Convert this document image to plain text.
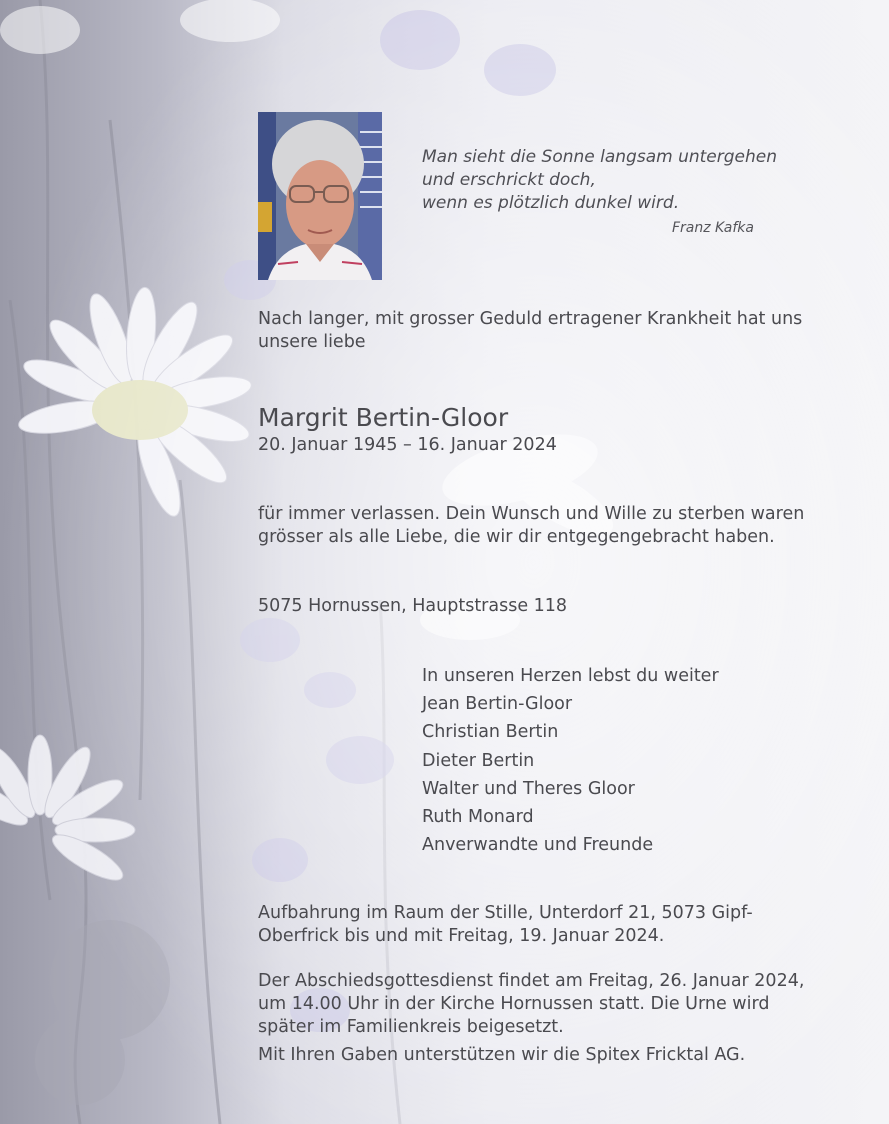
Man sieht die Sonne langsam untergehen
und erschrickt doch,
wenn es plötzlich dunkel wird.
Franz Kafka
Nach langer, mit grosser Geduld ertragener Krankheit hat uns
unsere liebe
Margrit Bertin-Gloor
20. Januar 1945 – 16. Januar 2024
für immer verlassen. Dein Wunsch und Wille zu sterben waren
grösser als alle Liebe, die wir dir entgegengebracht haben.
5075 Hornussen, Hauptstrasse 118
In unseren Herzen lebst du weiter
Jean Bertin-Gloor
Christian Bertin
Dieter Bertin
Walter und Theres Gloor
Ruth Monard
Anverwandte und Freunde
Aufbahrung im Raum der Stille, Unterdorf 21, 5073 Gipf-
Oberfrick bis und mit Freitag, 19. Januar 2024.
Der Abschiedsgottesdienst findet am Freitag, 26. Januar 2024,
um 14.00 Uhr in der Kirche Hornussen statt. Die Urne wird
später im Familienkreis beigesetzt.
Mit Ihren Gaben unterstützen wir die Spitex Fricktal AG.
